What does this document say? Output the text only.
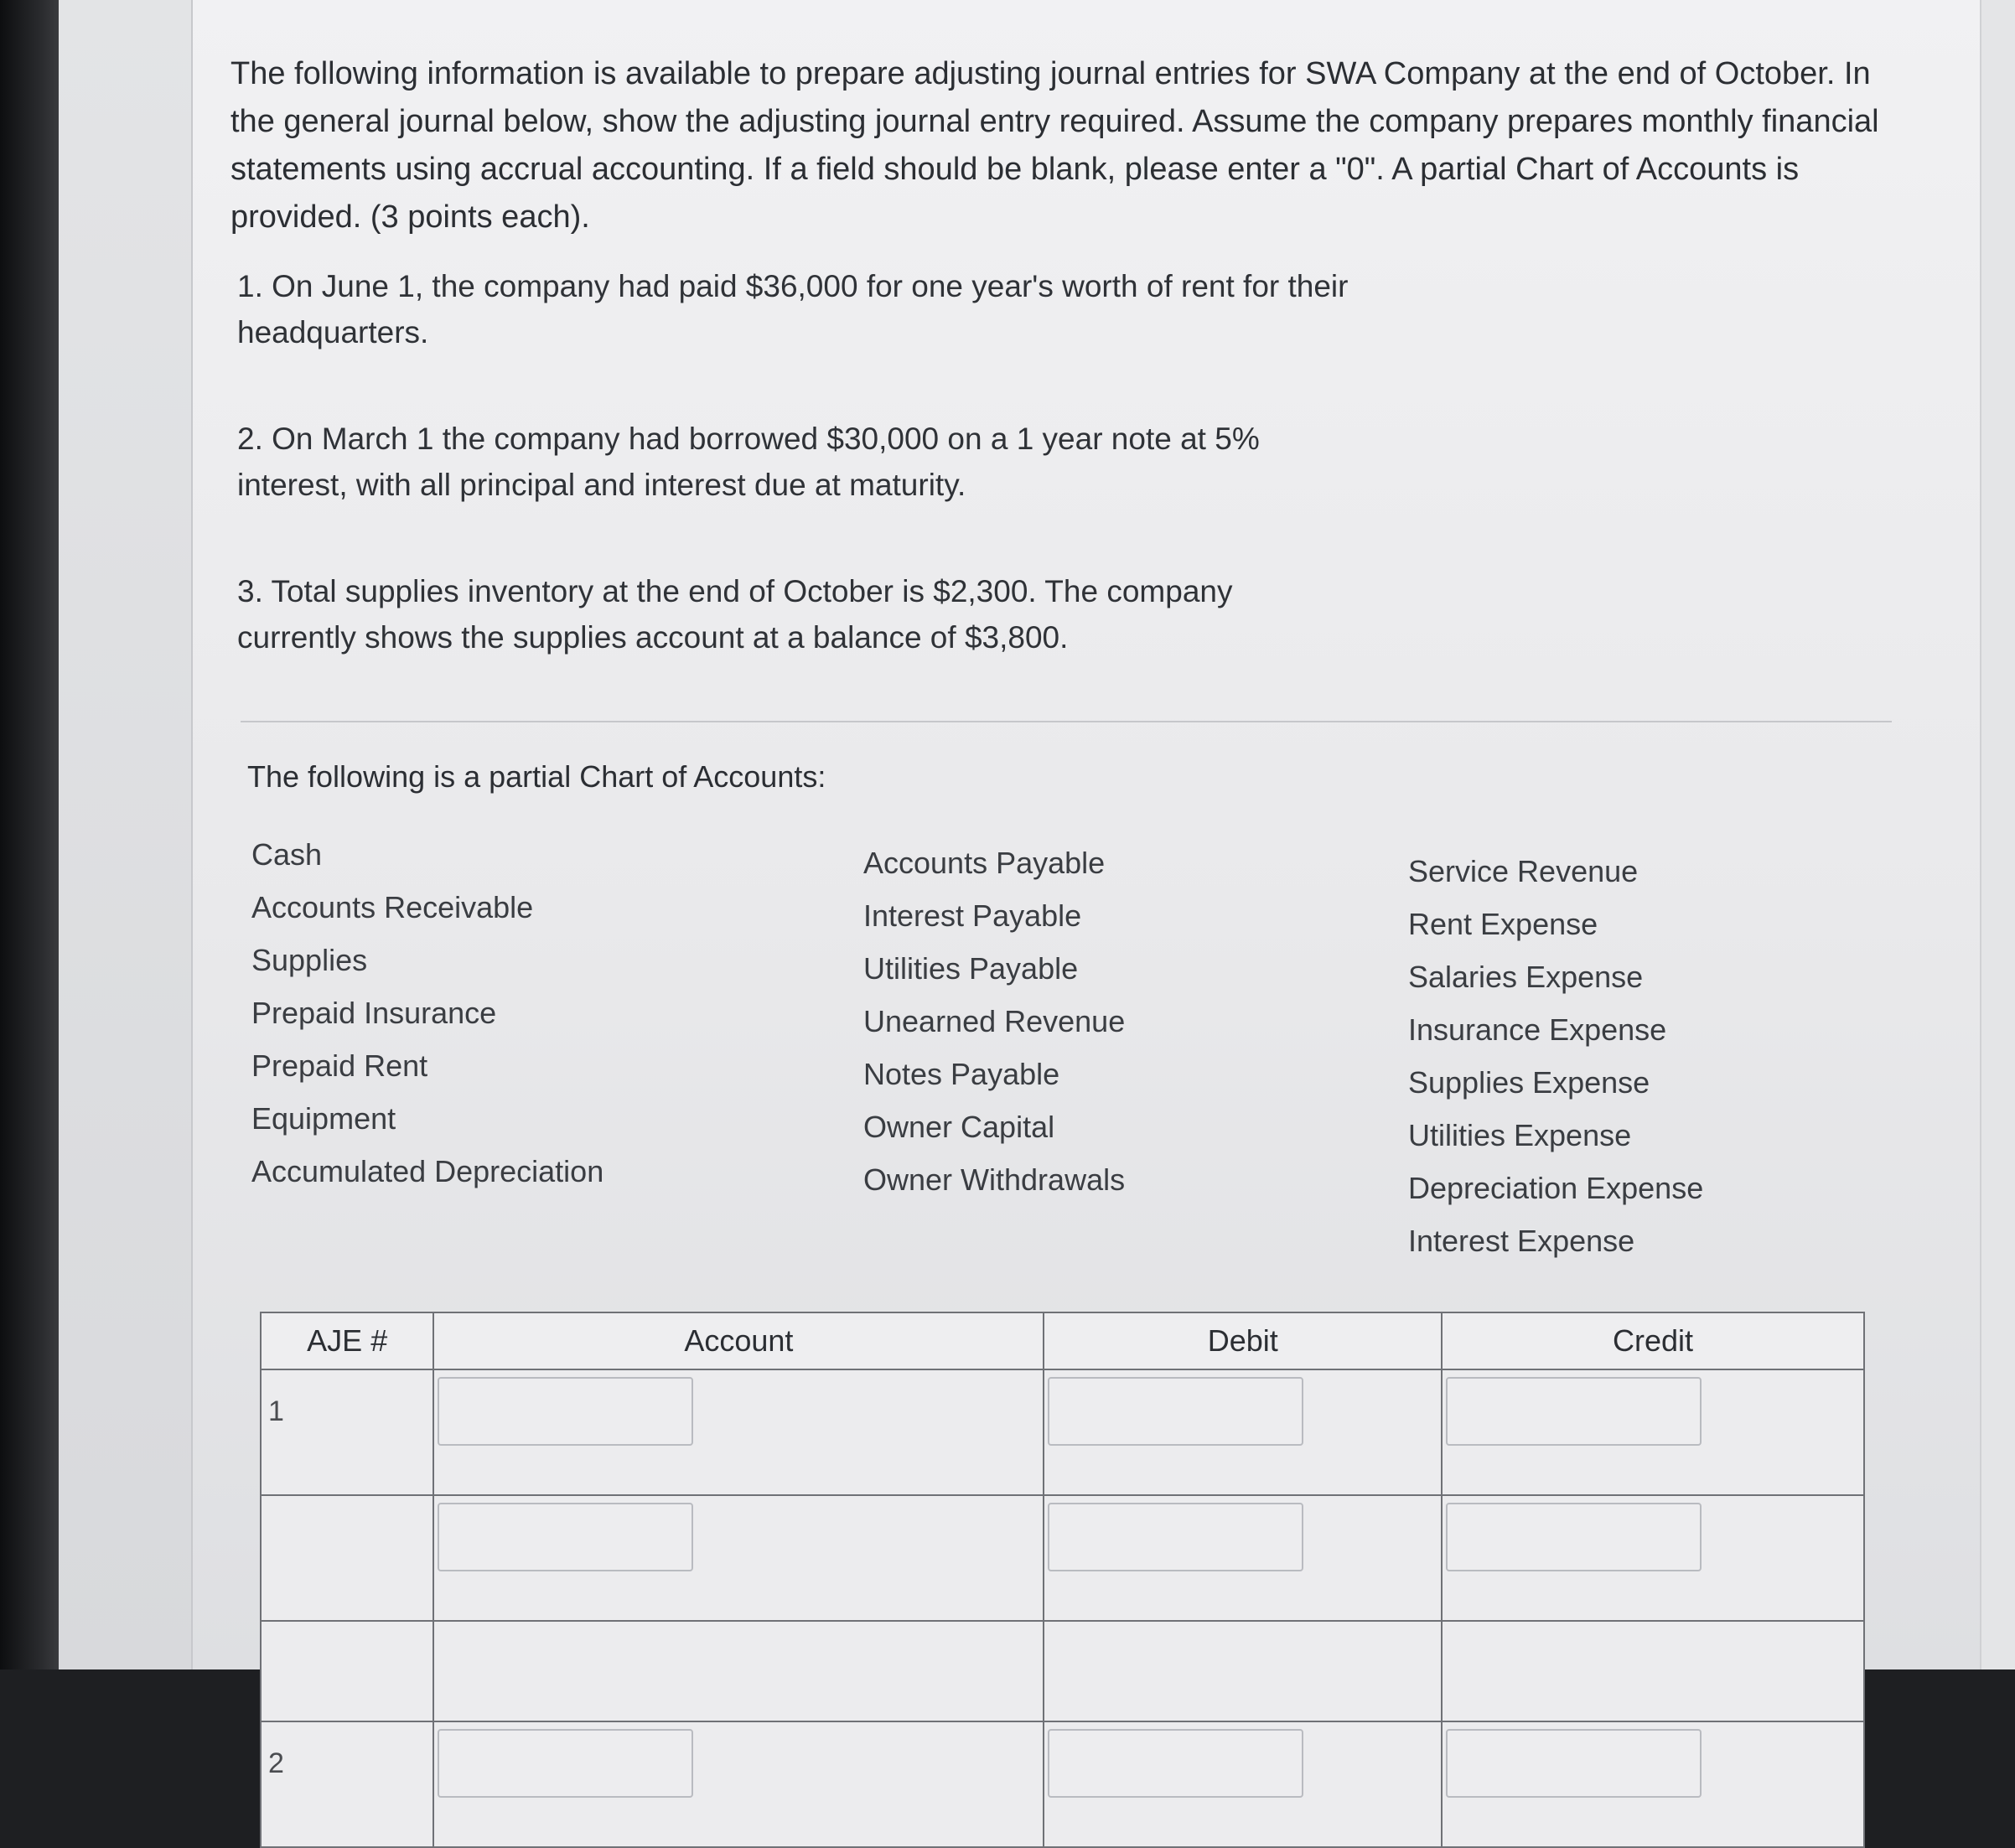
The following information is available to prepare adjusting journal entries for SWA Company at the end of October. In the general journal below, show the adjusting journal entry required. Assume the company prepares monthly financial statements using accrual accounting. If a field should be blank, please enter a "0". A partial Chart of Accounts is provided. (3 points each).

1. On June 1, the company had paid $36,000 for one year's worth of rent for their headquarters.

2. On March 1 the company had borrowed $30,000 on a 1 year note at 5% interest, with all principal and interest due at maturity.

3. Total supplies inventory at the end of October is $2,300. The company currently shows the supplies account at a balance of $3,800.

The following is a partial Chart of Accounts:
Cash
Accounts Receivable
Supplies
Prepaid Insurance
Prepaid Rent
Equipment
Accumulated Depreciation
Accounts Payable
Interest Payable
Utilities Payable
Unearned Revenue
Notes Payable
Owner Capital
Owner Withdrawals
Service Revenue
Rent Expense
Salaries Expense
Insurance Expense
Supplies Expense
Utilities Expense
Depreciation Expense
Interest Expense
AJE #	Account	Debit	Credit
1	

2	
